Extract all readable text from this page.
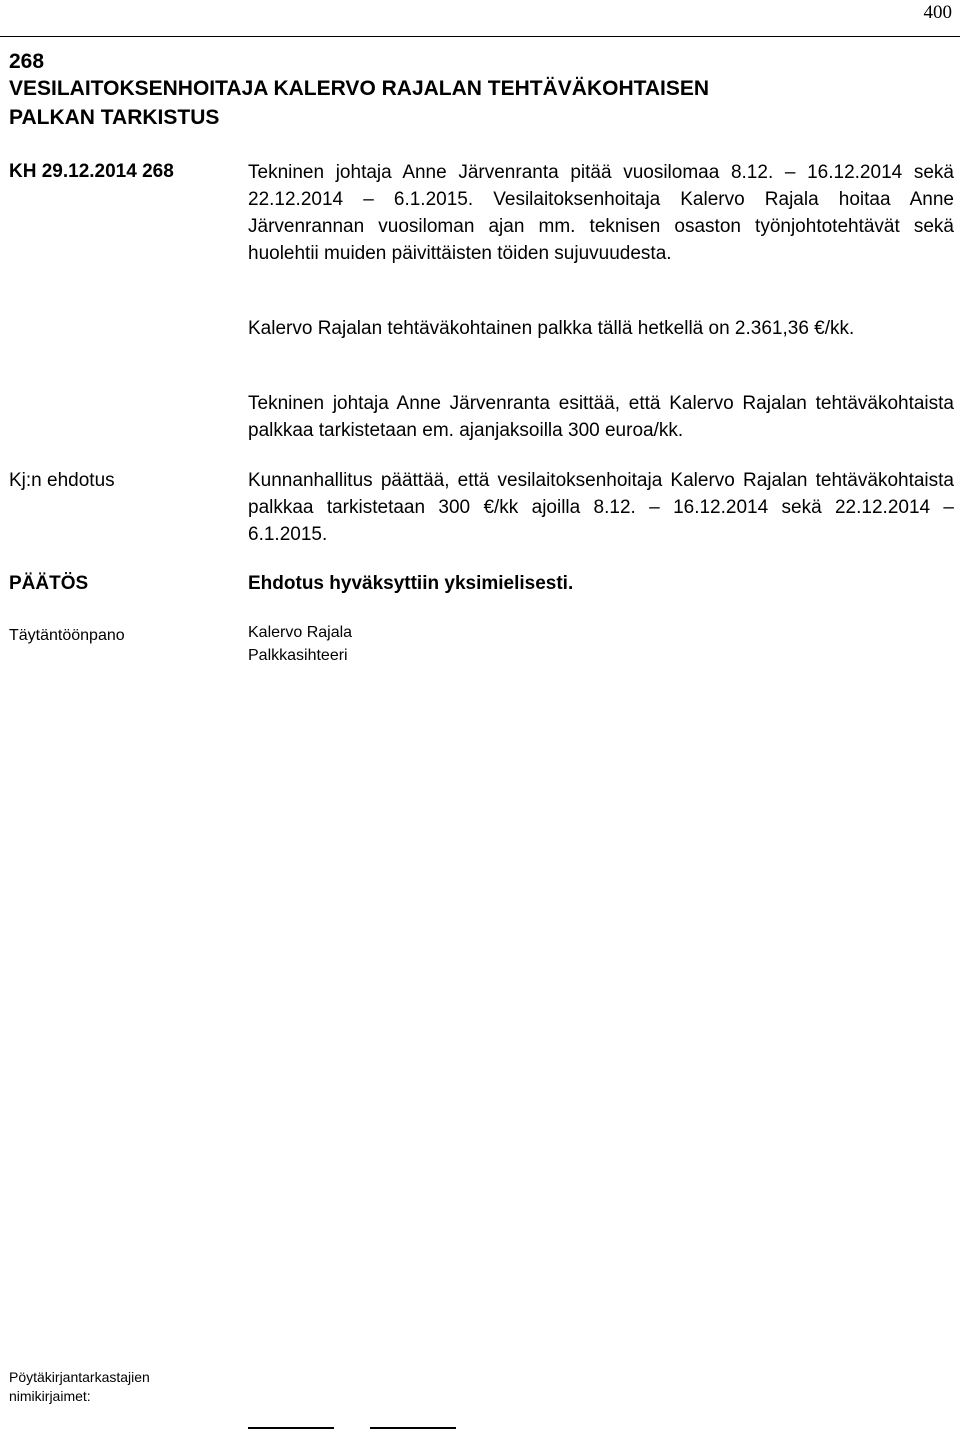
400
268
VESILAITOKSENHOITAJA KALERVO RAJALAN TEHTÄVÄKOHTAISEN
PALKAN TARKISTUS
KH 29.12.2014 268	Tekninen johtaja Anne Järvenranta pitää vuosilomaa 8.12. – 16.12.2014 sekä 22.12.2014 – 6.1.2015. Vesilaitoksenhoitaja Kalervo Rajala hoitaa Anne Järvenrannan vuosiloman ajan mm. teknisen osaston työnjohtotehtävät sekä huolehtii muiden päivittäisten töiden sujuvuudesta.

Kalervo Rajalan tehtäväkohtainen palkka tällä hetkellä on 2.361,36 €/kk.

Tekninen johtaja Anne Järvenranta esittää, että Kalervo Rajalan tehtäväkohtaista palkkaa tarkistetaan em. ajanjaksoilla 300 euroa/kk.

Kj:n ehdotus	Kunnanhallitus päättää, että vesilaitoksenhoitaja Kalervo Rajalan tehtäväkohtaista palkkaa tarkistetaan 300 €/kk ajoilla 8.12. – 16.12.2014 sekä 22.12.2014 – 6.1.2015.

PÄÄTÖS	Ehdotus hyväksyttiin yksimielisesti.

Täytäntöönpano	Kalervo Rajala

Palkkasihteeri

Pöytäkirjantarkastajien nimikirjaimet:
